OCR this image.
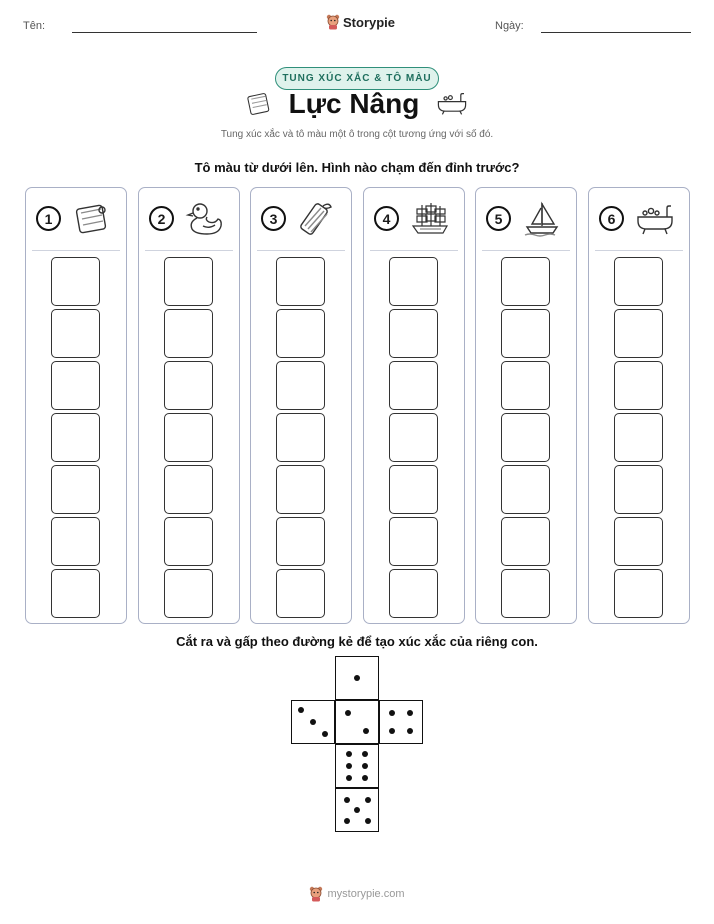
Tên:	Storypie	Ngày:
TUNG XÚC XẮC & TÔ MÀU
Lực Nâng
Tung xúc xắc và tô màu một ô trong cột tương ứng với số đó.
Tô màu từ dưới lên. Hình nào chạm đến đỉnh trước?
1	2	3	4	5	6
Cắt ra và gấp theo đường kẻ để tạo xúc xắc của riêng con.
mystorypie.com
